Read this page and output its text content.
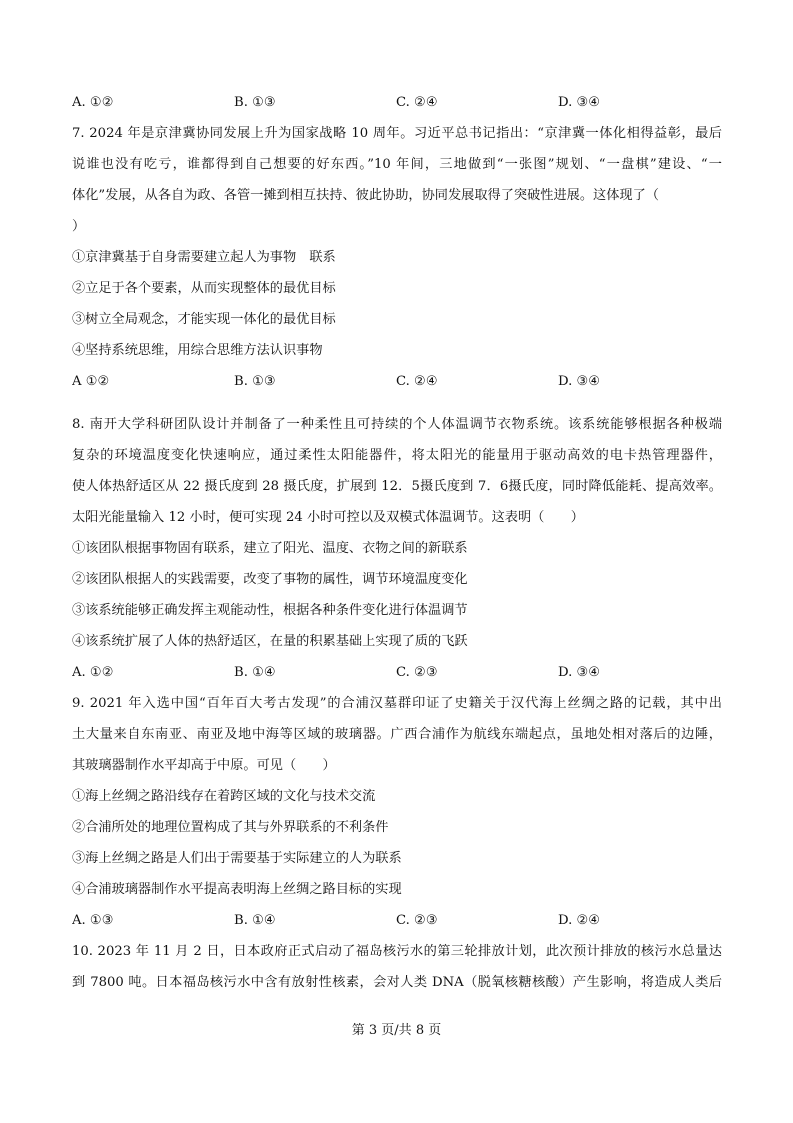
A. ①②	B. ①③	C. ②④	D. ③④
7. 2024 年是京津冀协同发展上升为国家战略 10 周年。习近平总书记指出：“京津冀一体化相得益彰，最后
说谁也没有吃亏，谁都得到自己想要的好东西。”10 年间，三地做到“一张图”规划、“一盘棋”建设、“一
体化”发展，从各自为政、各管一摊到相互扶持、彼此协助，协同发展取得了突破性进展。这体现了（
）
①京津冀基于自身需要建立起人为事物　联系
②立足于各个要素，从而实现整体的最优目标
③树立全局观念，才能实现一体化的最优目标
④坚持系统思维，用综合思维方法认识事物
A ①②	B. ①③	C. ②④	D. ③④
8. 南开大学科研团队设计并制备了一种柔性且可持续的个人体温调节衣物系统。该系统能够根据各种极端
复杂的环境温度变化快速响应，通过柔性太阳能器件，将太阳光的能量用于驱动高效的电卡热管理器件，
使人体热舒适区从 22 摄氏度到 28 摄氏度，扩展到 12．5摄氏度到 7．6摄氏度，同时降低能耗、提高效率。
太阳光能量输入 12 小时，便可实现 24 小时可控以及双模式体温调节。这表明（　　）
①该团队根据事物固有联系，建立了阳光、温度、衣物之间的新联系
②该团队根据人的实践需要，改变了事物的属性，调节环境温度变化
③该系统能够正确发挥主观能动性，根据各种条件变化进行体温调节
④该系统扩展了人体的热舒适区，在量的积累基础上实现了质的飞跃
A. ①②	B. ①④	C. ②③	D. ③④
9. 2021 年入选中国“百年百大考古发现”的合浦汉墓群印证了史籍关于汉代海上丝绸之路的记载，其中出
土大量来自东南亚、南亚及地中海等区域的玻璃器。广西合浦作为航线东端起点，虽地处相对落后的边陲，
其玻璃器制作水平却高于中原。可见（　　）
①海上丝绸之路沿线存在着跨区域的文化与技术交流
②合浦所处的地理位置构成了其与外界联系的不利条件
③海上丝绸之路是人们出于需要基于实际建立的人为联系
④合浦玻璃器制作水平提高表明海上丝绸之路目标的实现
A. ①③	B. ①④	C. ②③	D. ②④
10. 2023 年 11 月 2 日，日本政府正式启动了福岛核污水的第三轮排放计划，此次预计排放的核污水总量达
到 7800 吨。日本福岛核污水中含有放射性核素，会对人类 DNA（脱氧核糖核酸）产生影响，将造成人类后
第 3 页/共 8 页
